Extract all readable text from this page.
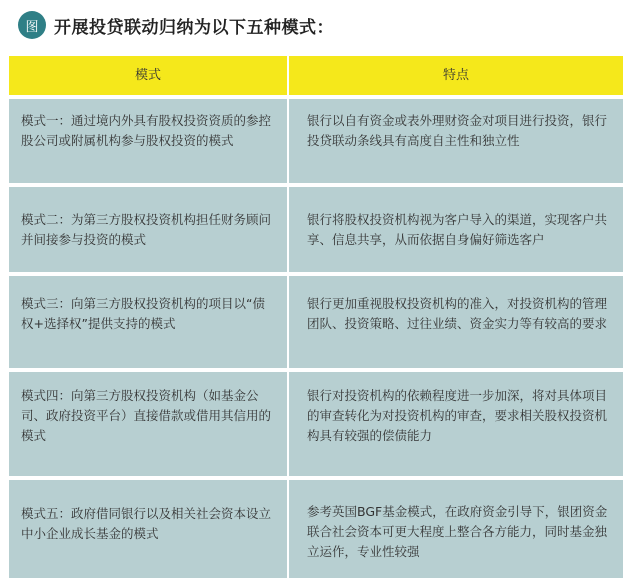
图 开展投贷联动归纳为以下五种模式：
模式	特点
模式一：通过境内外具有股权投资资质的参控股公司或附属机构参与股权投资的模式
银行以自有资金或表外理财资金对项目进行投资，银行投贷联动条线具有高度自主性和独立性
模式二：为第三方股权投资机构担任财务顾问并间接参与投资的模式
银行将股权投资机构视为客户导入的渠道，实现客户共享、信息共享，从而依据自身偏好筛选客户
模式三：向第三方股权投资机构的项目以“债权+选择权”提供支持的模式
银行更加重视股权投资机构的准入，对投资机构的管理团队、投资策略、过往业绩、资金实力等有较高的要求
模式四：向第三方股权投资机构（如基金公司、政府投资平台）直接借款或借用其信用的模式
银行对投资机构的依赖程度进一步加深，将对具体项目的审查转化为对投资机构的审查，要求相关股权投资机构具有较强的偿债能力
模式五：政府借同银行以及相关社会资本设立中小企业成长基金的模式
参考英国BGF基金模式，在政府资金引导下，银团资金联合社会资本可更大程度上整合各方能力，同时基金独立运作，专业性较强
